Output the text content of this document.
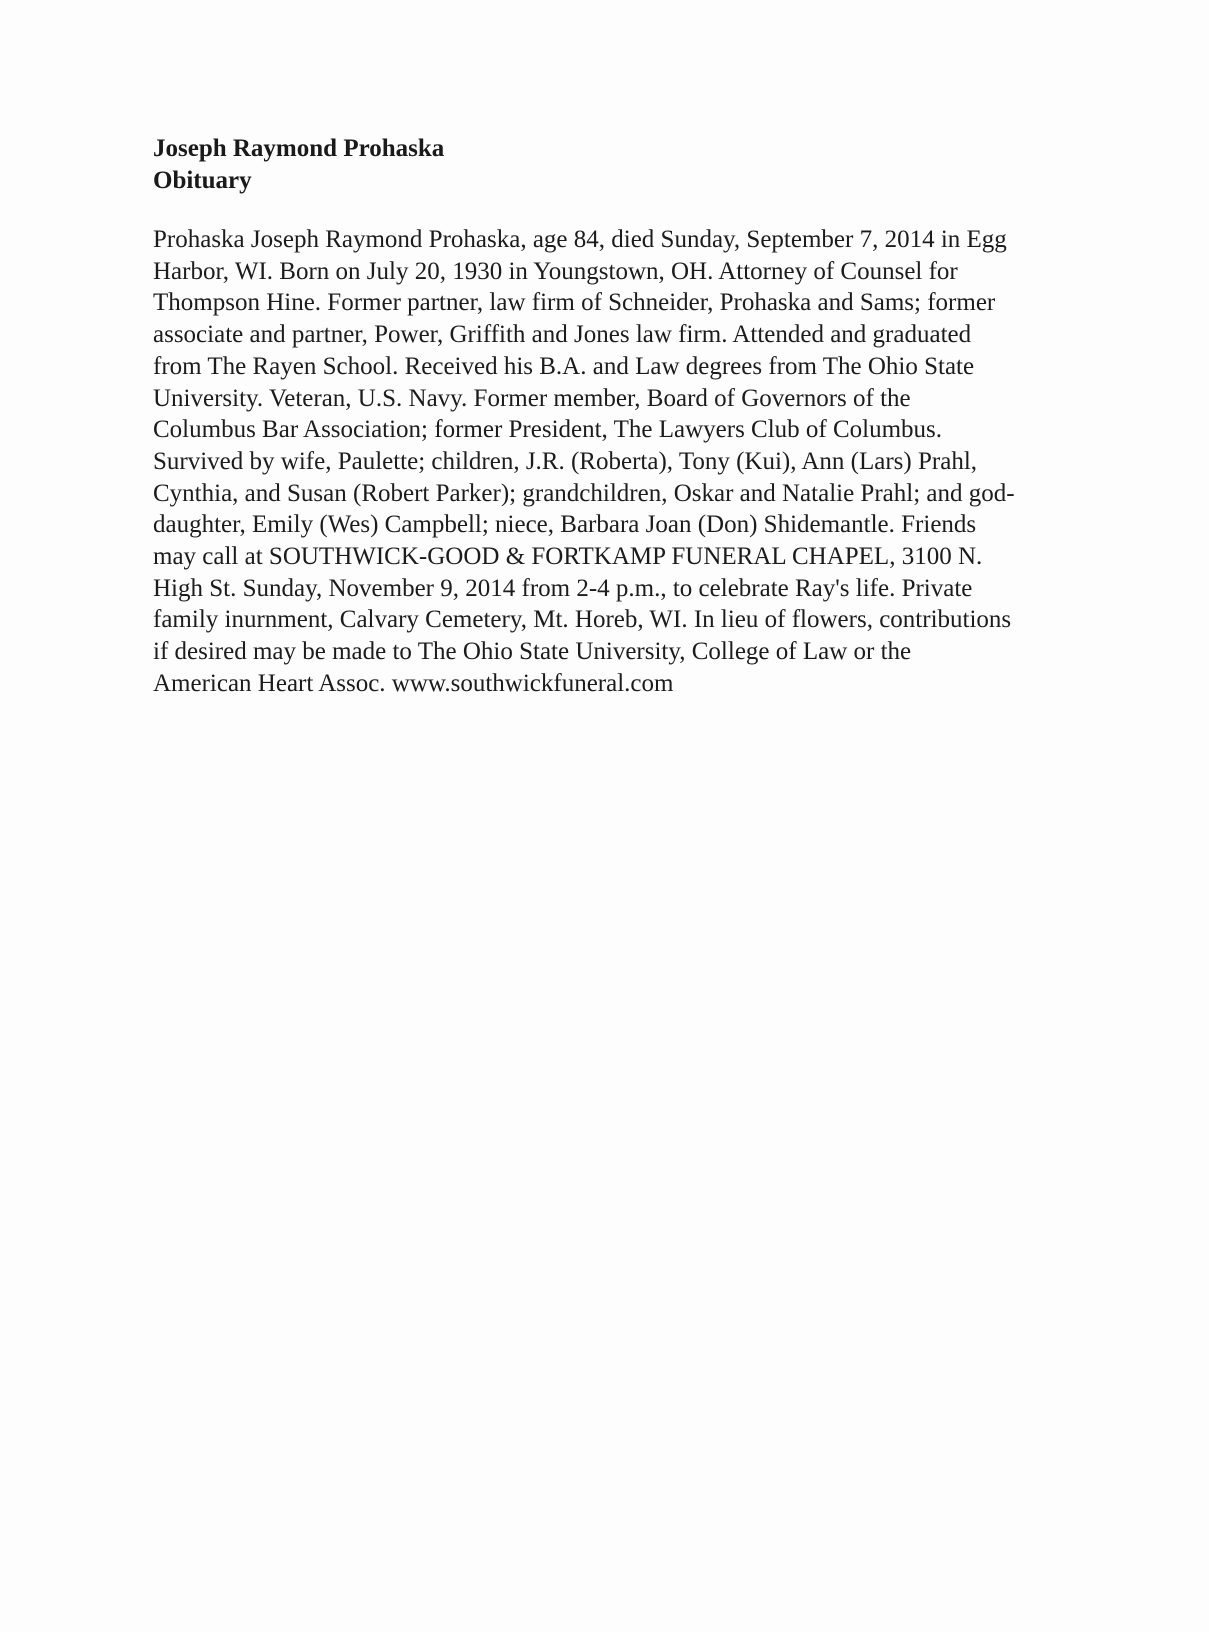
Joseph Raymond Prohaska
Obituary
Prohaska Joseph Raymond Prohaska, age 84, died Sunday, September 7, 2014 in Egg
Harbor, WI. Born on July 20, 1930 in Youngstown, OH. Attorney of Counsel for
Thompson Hine. Former partner, law firm of Schneider, Prohaska and Sams; former
associate and partner, Power, Griffith and Jones law firm. Attended and graduated
from The Rayen School. Received his B.A. and Law degrees from The Ohio State
University. Veteran, U.S. Navy. Former member, Board of Governors of the
Columbus Bar Association; former President, The Lawyers Club of Columbus.
Survived by wife, Paulette; children, J.R. (Roberta), Tony (Kui), Ann (Lars) Prahl,
Cynthia, and Susan (Robert Parker); grandchildren, Oskar and Natalie Prahl; and god-
daughter, Emily (Wes) Campbell; niece, Barbara Joan (Don) Shidemantle. Friends
may call at SOUTHWICK-GOOD & FORTKAMP FUNERAL CHAPEL, 3100 N.
High St. Sunday, November 9, 2014 from 2-4 p.m., to celebrate Ray's life. Private
family inurnment, Calvary Cemetery, Mt. Horeb, WI. In lieu of flowers, contributions
if desired may be made to The Ohio State University, College of Law or the
American Heart Assoc. www.southwickfuneral.com
